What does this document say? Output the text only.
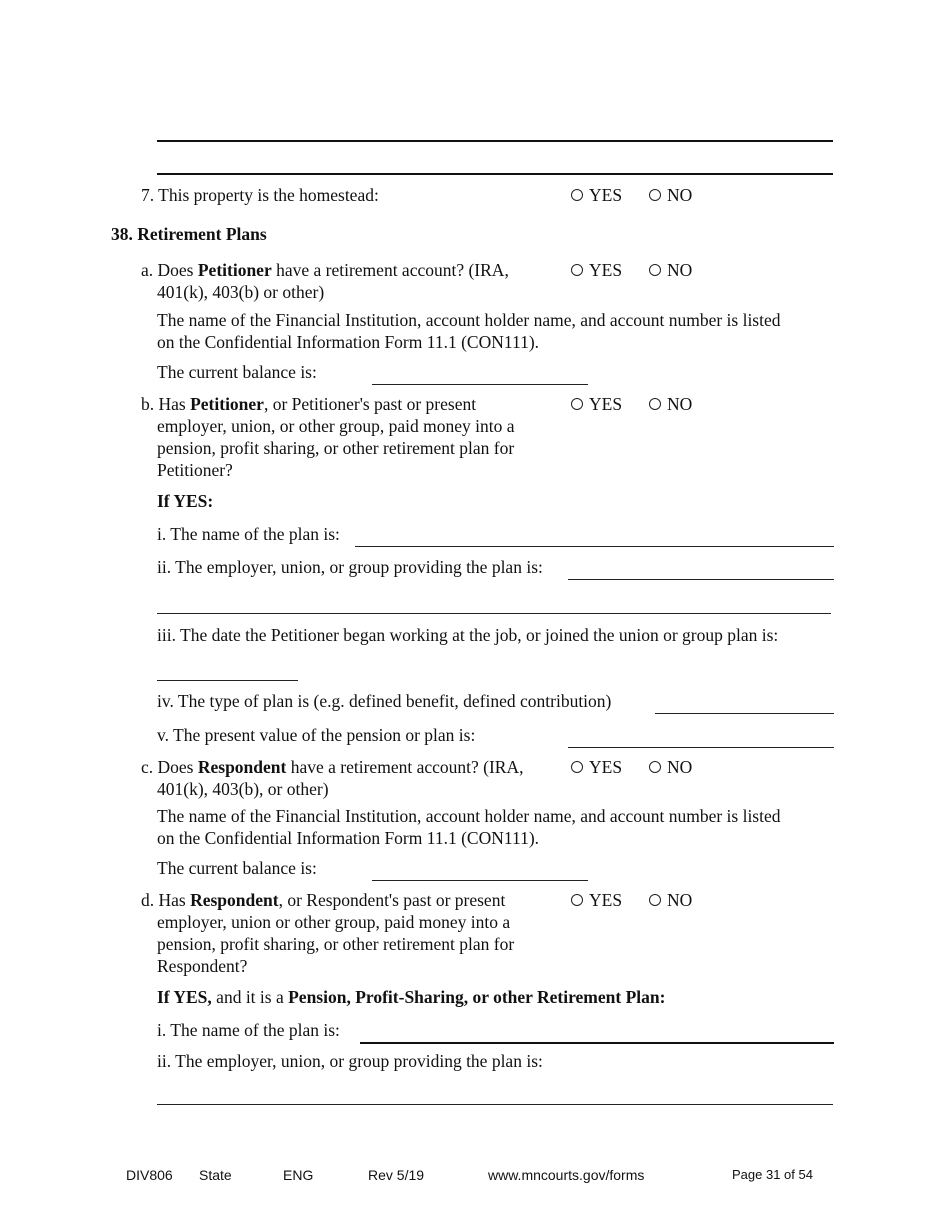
7. This property is the homestead:	YES	NO
38. Retirement Plans
a. Does Petitioner have a retirement account? (IRA,
401(k), 403(b) or other)
YES	NO
The name of the Financial Institution, account holder name, and account number is listed
on the Confidential Information Form 11.1 (CON111).
The current balance is:
b. Has Petitioner, or Petitioner's past or present
employer, union, or other group, paid money into a
pension, profit sharing, or other retirement plan for
Petitioner?
YES	NO
If YES:
i. The name of the plan is:
ii. The employer, union, or group providing the plan is:
iii. The date the Petitioner began working at the job, or joined the union or group plan is:
iv. The type of plan is (e.g. defined benefit, defined contribution)
v. The present value of the pension or plan is:
c. Does Respondent have a retirement account? (IRA,
401(k), 403(b), or other)
YES	NO
The name of the Financial Institution, account holder name, and account number is listed
on the Confidential Information Form 11.1 (CON111).
The current balance is:
d. Has Respondent, or Respondent's past or present
employer, union or other group, paid money into a
pension, profit sharing, or other retirement plan for
Respondent?
YES	NO
If YES, and it is a Pension, Profit-Sharing, or other Retirement Plan:
i. The name of the plan is:
ii. The employer, union, or group providing the plan is:
DIV806 State	ENG	Rev 5/19	www.mncourts.gov/forms	Page 31 of 54
